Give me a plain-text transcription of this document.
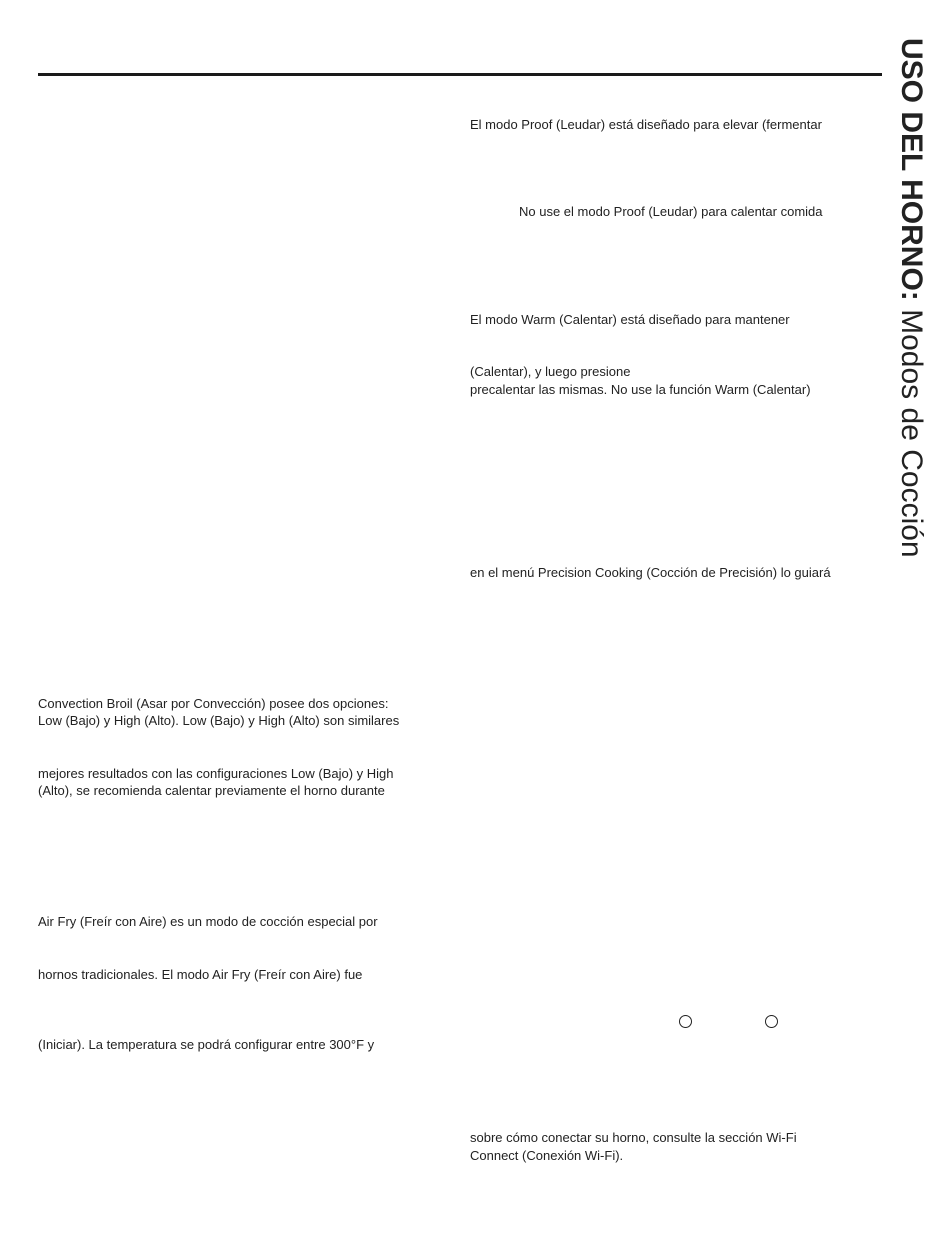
USO DEL HORNO: Modos de Cocción
El modo Proof (Leudar) está diseñado para elevar (fermentar
No use el modo Proof (Leudar) para calentar comida
El modo Warm (Calentar) está diseñado para mantener
(Calentar), y luego presione
precalentar las mismas. No use la función Warm (Calentar)
en el menú Precision Cooking (Cocción de Precisión) lo guiará
sobre cómo conectar su horno, consulte la sección Wi-Fi
Connect (Conexión Wi-Fi).
Convection Broil (Asar por Convección) posee dos opciones:
Low (Bajo) y High (Alto). Low (Bajo) y High (Alto) son similares
mejores resultados con las configuraciones Low (Bajo) y High
(Alto), se recomienda calentar previamente el horno durante
Air Fry (Freír con Aire) es un modo de cocción especial por
hornos tradicionales. El modo Air Fry (Freír con Aire) fue
(Iniciar). La temperatura se podrá configurar entre 300°F y
